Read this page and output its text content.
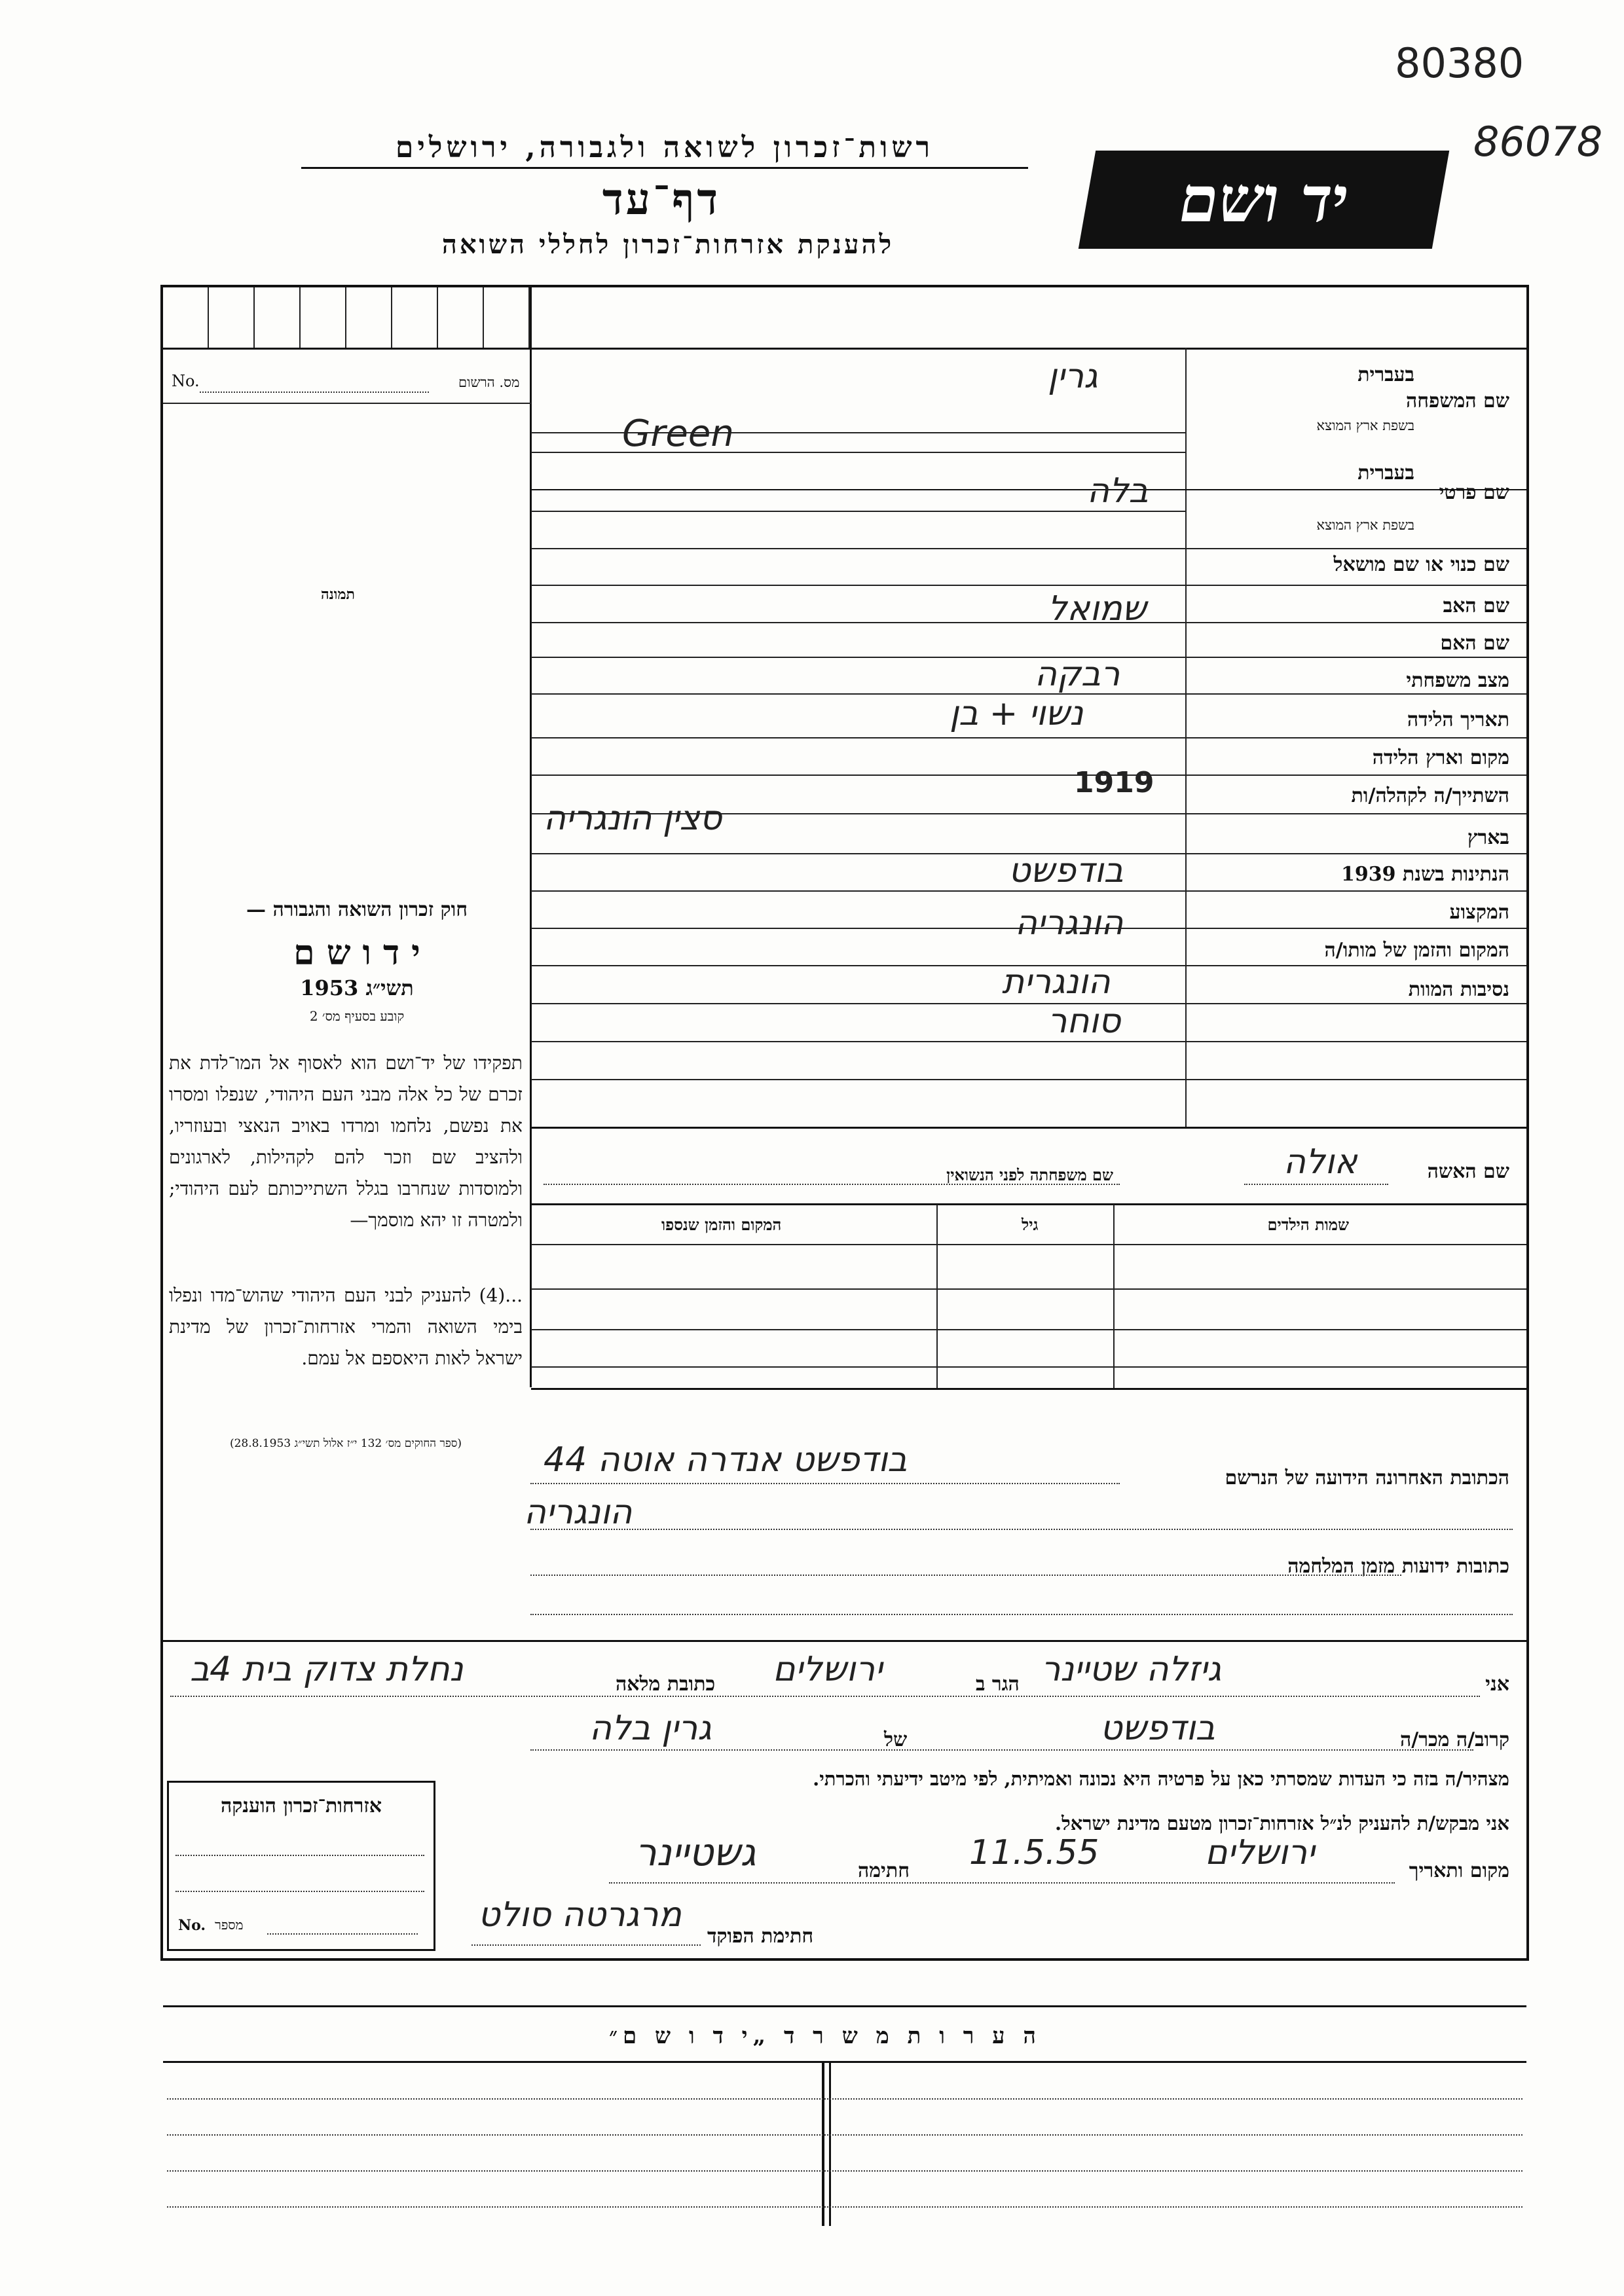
80380
86078
רשות־זכרון לשואה ולגבורה, ירושלים
דף־עד
להענקת אזרחות־זכרון לחללי השואה
יד ושם
מס. הרשום
No.
תמונה
חוק זכרון השואה והגבורה —
י ד ו ש ם
תשי״ג 1953
קובע בסעיף מס׳ 2
תפקידו של יד־ושם הוא לאסוף אל המו־לדת את זכרם של כל אלה מבני העם היהודי, שנפלו ומסרו את נפשם, נלחמו ומרדו באויב הנאצי ובעוזריו, ולהציב שם וזכר להם לקהילות, לארגונים ולמוסדות שנחרבו בגלל השתייכותם לעם היהודי; ולמטרה זו יהא מוסמך—
...(4) להעניק לבני העם היהודי שהוש־מדו ונפלו בימי השואה והמרי אזרחות־זכרון של מדינת ישראל לאות היאספם אל עמם.
(ספר החוקים מס׳ 132 י״ז אלול תשי״ג 28.8.1953)
שם המשפחה
בעברית
בשפת ארץ המוצא
שם פרטי
בעברית
בשפת ארץ המוצא
שם כנוי או שם מושאל
שם האב
שם האם
מצב משפחתי
תאריך הלידה
מקום וארץ הלידה
השתייך/ה לקהלה/ות
בארץ
הנתינות בשנת 1939
המקצוע
המקום והזמן של מותו/ה
נסיבות המוות
גרין
Green
בלה
שמואל
רבקה
נשוי + בן
1919
סצין הונגריה
בודפשט
הונגריה
הונגרית
סוחר
שם האשה
שם משפחתה לפני הנשואין	אולה
שמות הילדים
גיל
המקום והזמן שנספו
הכתובת האחרונה הידועה של הנרשם
בודפשט אנדרה אוטה 44
הונגריה
כתובות ידועות מזמן המלחמה
אני
גיזלה שטיינר
הגר ב
ירושלים
כתובת מלאה
נחלת צדוק בית 4ב
קרוב/ה מכר/ה
בודפשט
של
גרין בלה
מצהיר/ה בזה כי העדות שמסרתי כאן על פרטיה היא נכונה ואמיתית, לפי מיטב ידיעתי והכרתי.
אני מבקש/ת להעניק לנ״ל אזרחות־זכרון מטעם מדינת ישראל.
מקום ותאריך
ירושלים
11.5.55
חתימה
גשטיינר
חתימת הפוקד
מרגרטה סולט
אזרחות־זכרון הוענקה
No. מספר
ה ע ר ו ת מ ש ר ד „י ד ו ש ם״
